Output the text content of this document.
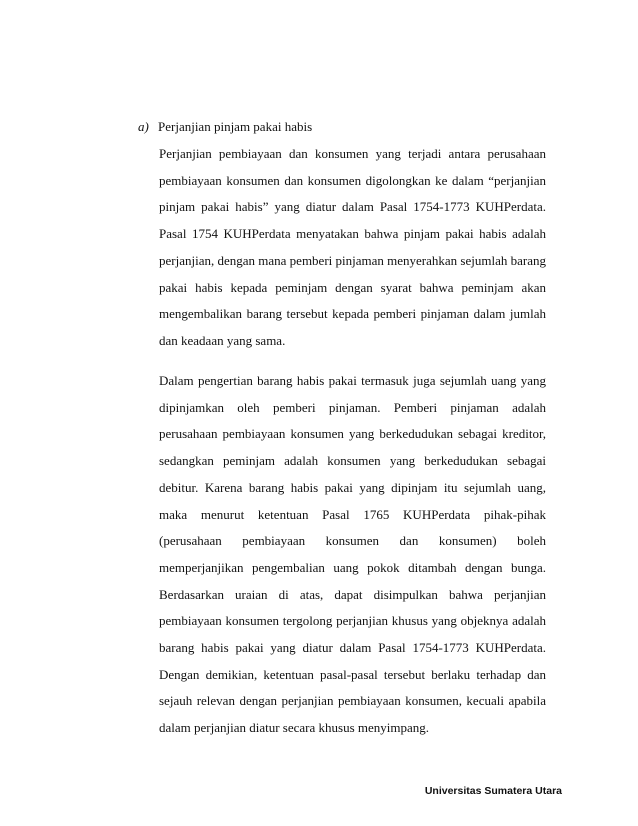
a) Perjanjian pinjam pakai habis

Perjanjian pembiayaan dan konsumen yang terjadi antara perusahaan pembiayaan konsumen dan konsumen digolongkan ke dalam “perjanjian pinjam pakai habis” yang diatur dalam Pasal 1754-1773 KUHPerdata. Pasal 1754 KUHPerdata menyatakan bahwa pinjam pakai habis adalah perjanjian, dengan mana pemberi pinjaman menyerahkan sejumlah barang pakai habis kepada peminjam dengan syarat bahwa peminjam akan mengembalikan barang tersebut kepada pemberi pinjaman dalam jumlah dan keadaan yang sama.

Dalam pengertian barang habis pakai termasuk juga sejumlah uang yang dipinjamkan oleh pemberi pinjaman. Pemberi pinjaman adalah perusahaan pembiayaan konsumen yang berkedudukan sebagai kreditor, sedangkan peminjam adalah konsumen yang berkedudukan sebagai debitur. Karena barang habis pakai yang dipinjam itu sejumlah uang, maka menurut ketentuan Pasal 1765 KUHPerdata pihak-pihak (perusahaan pembiayaan konsumen dan konsumen) boleh memperjanjikan pengembalian uang pokok ditambah dengan bunga. Berdasarkan uraian di atas, dapat disimpulkan bahwa perjanjian pembiayaan konsumen tergolong perjanjian khusus yang objeknya adalah barang habis pakai yang diatur dalam Pasal 1754-1773 KUHPerdata. Dengan demikian, ketentuan pasal-pasal tersebut berlaku terhadap dan sejauh relevan dengan perjanjian pembiayaan konsumen, kecuali apabila dalam perjanjian diatur secara khusus menyimpang.

Universitas Sumatera Utara
